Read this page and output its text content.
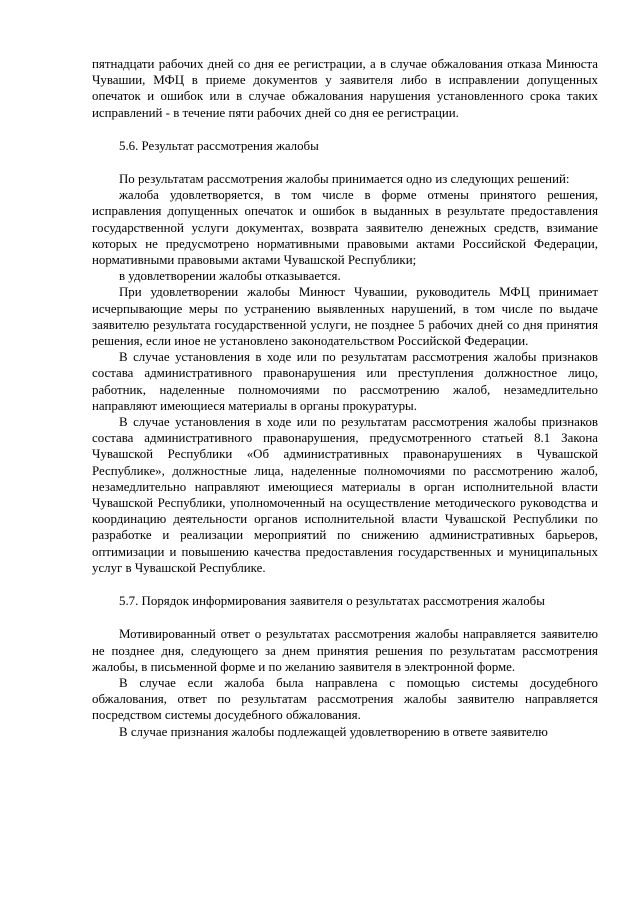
пятнадцати рабочих дней со дня ее регистрации, а в случае обжалования отказа Минюста Чувашии, МФЦ в приеме документов у заявителя либо в исправлении допущенных опечаток и ошибок или в случае обжалования нарушения установленного срока таких исправлений - в течение пяти рабочих дней со дня ее регистрации.

5.6. Результат рассмотрения жалобы

По результатам рассмотрения жалобы принимается одно из следующих решений:

жалоба удовлетворяется, в том числе в форме отмены принятого решения, исправления допущенных опечаток и ошибок в выданных в результате предоставления государственной услуги документах, возврата заявителю денежных средств, взимание которых не предусмотрено нормативными правовыми актами Российской Федерации, нормативными правовыми актами Чувашской Республики;

в удовлетворении жалобы отказывается.

При удовлетворении жалобы Минюст Чувашии, руководитель МФЦ принимает исчерпывающие меры по устранению выявленных нарушений, в том числе по выдаче заявителю результата государственной услуги, не позднее 5 рабочих дней со дня принятия решения, если иное не установлено законодательством Российской Федерации.

В случае установления в ходе или по результатам рассмотрения жалобы признаков состава административного правонарушения или преступления должностное лицо, работник, наделенные полномочиями по рассмотрению жалоб, незамедлительно направляют имеющиеся материалы в органы прокуратуры.

В случае установления в ходе или по результатам рассмотрения жалобы признаков состава административного правонарушения, предусмотренного статьей 8.1 Закона Чувашской Республики «Об административных правонарушениях в Чувашской Республике», должностные лица, наделенные полномочиями по рассмотрению жалоб, незамедлительно направляют имеющиеся материалы в орган исполнительной власти Чувашской Республики, уполномоченный на осуществление методического руководства и координацию деятельности органов исполнительной власти Чувашской Республики по разработке и реализации мероприятий по снижению административных барьеров, оптимизации и повышению качества предоставления государственных и муниципальных услуг в Чувашской Республике.

5.7. Порядок информирования заявителя о результатах рассмотрения жалобы

Мотивированный ответ о результатах рассмотрения жалобы направляется заявителю не позднее дня, следующего за днем принятия решения по результатам рассмотрения жалобы, в письменной форме и по желанию заявителя в электронной форме.

В случае если жалоба была направлена с помощью системы досудебного обжалования, ответ по результатам рассмотрения жалобы заявителю направляется посредством системы досудебного обжалования.

В случае признания жалобы подлежащей удовлетворению в ответе заявителю
